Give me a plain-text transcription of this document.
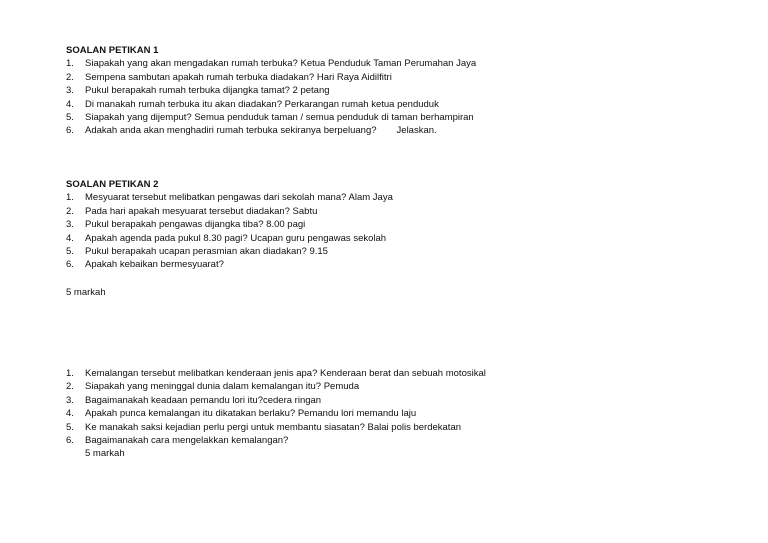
SOALAN PETIKAN 1
1.	Siapakah yang akan mengadakan rumah terbuka? Ketua Penduduk Taman Perumahan Jaya
2.	Sempena sambutan apakah rumah terbuka diadakan? Hari Raya Aidilfitri
3.	Pukul berapakah rumah terbuka dijangka tamat? 2 petang
4.	Di manakah rumah terbuka itu akan diadakan? Perkarangan rumah ketua penduduk
5.	Siapakah yang dijemput? Semua penduduk taman / semua penduduk di taman berhampiran
6.	Adakah anda akan menghadiri rumah terbuka sekiranya berpeluang? Jelaskan.
SOALAN PETIKAN 2
1.	Mesyuarat tersebut melibatkan pengawas dari sekolah mana? Alam Jaya
2.	Pada hari apakah mesyuarat tersebut diadakan? Sabtu
3.	Pukul berapakah pengawas dijangka tiba? 8.00 pagi
4.	Apakah agenda pada pukul 8.30 pagi? Ucapan guru pengawas sekolah
5.	Pukul berapakah ucapan perasmian akan diadakan? 9.15
6.	Apakah kebaikan bermesyuarat?
5 markah
1.	Kemalangan tersebut melibatkan kenderaan jenis apa? Kenderaan berat dan sebuah motosikal
2.	Siapakah yang meninggal dunia dalam kemalangan itu? Pemuda
3.	Bagaimanakah keadaan pemandu lori itu?cedera ringan
4.	Apakah punca kemalangan itu dikatakan berlaku? Pemandu lori memandu laju
5.	Ke manakah saksi kejadian perlu pergi untuk membantu siasatan? Balai polis berdekatan
6.	Bagaimanakah cara mengelakkan kemalangan?
5 markah
